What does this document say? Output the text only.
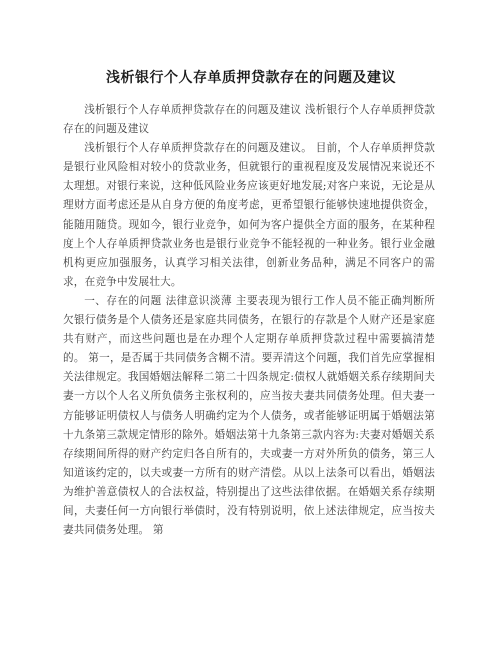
浅析银行个人存单质押贷款存在的问题及建议

浅析银行个人存单质押贷款存在的问题及建议 浅析银行个人存单质押贷款存在的问题及建议

浅析银行个人存单质押贷款存在的问题及建议。 目前，个人存单质押贷款是银行业风险相对较小的贷款业务，但就银行的重视程度及发展情况来说还不太理想。对银行来说，这种低风险业务应该更好地发展;对客户来说，无论是从理财方面考虑还是从自身方便的角度考虑，更希望银行能够快速地提供资金，能随用随贷。现如今，银行业竞争，如何为客户提供全方面的服务，在某种程度上个人存单质押贷款业务也是银行业竞争不能轻视的一种业务。银行业金融机构更应加强服务，认真学习相关法律，创新业务品种，满足不同客户的需求，在竞争中发展壮大。

一、存在的问题 法律意识淡薄 主要表现为银行工作人员不能正确判断所欠银行债务是个人债务还是家庭共同债务，在银行的存款是个人财产还是家庭共有财产，而这些问题也是在办理个人定期存单质押贷款过程中需要搞清楚的。 第一，是否属于共同债务含糊不清。要弄清这个问题，我们首先应掌握相关法律规定。我国婚姻法解释二第二十四条规定:债权人就婚姻关系存续期间夫妻一方以个人名义所负债务主张权利的，应当按夫妻共同债务处理。但夫妻一方能够证明债权人与债务人明确约定为个人债务，或者能够证明属于婚姻法第十九条第三款规定情形的除外。婚姻法第十九条第三款内容为:夫妻对婚姻关系存续期间所得的财产约定归各自所有的，夫或妻一方对外所负的债务，第三人知道该约定的，以夫或妻一方所有的财产清偿。从以上法条可以看出，婚姻法为维护善意债权人的合法权益，特别提出了这些法律依据。在婚姻关系存续期间，夫妻任何一方向银行举债时，没有特别说明，依上述法律规定，应当按夫妻共同债务处理。 第
